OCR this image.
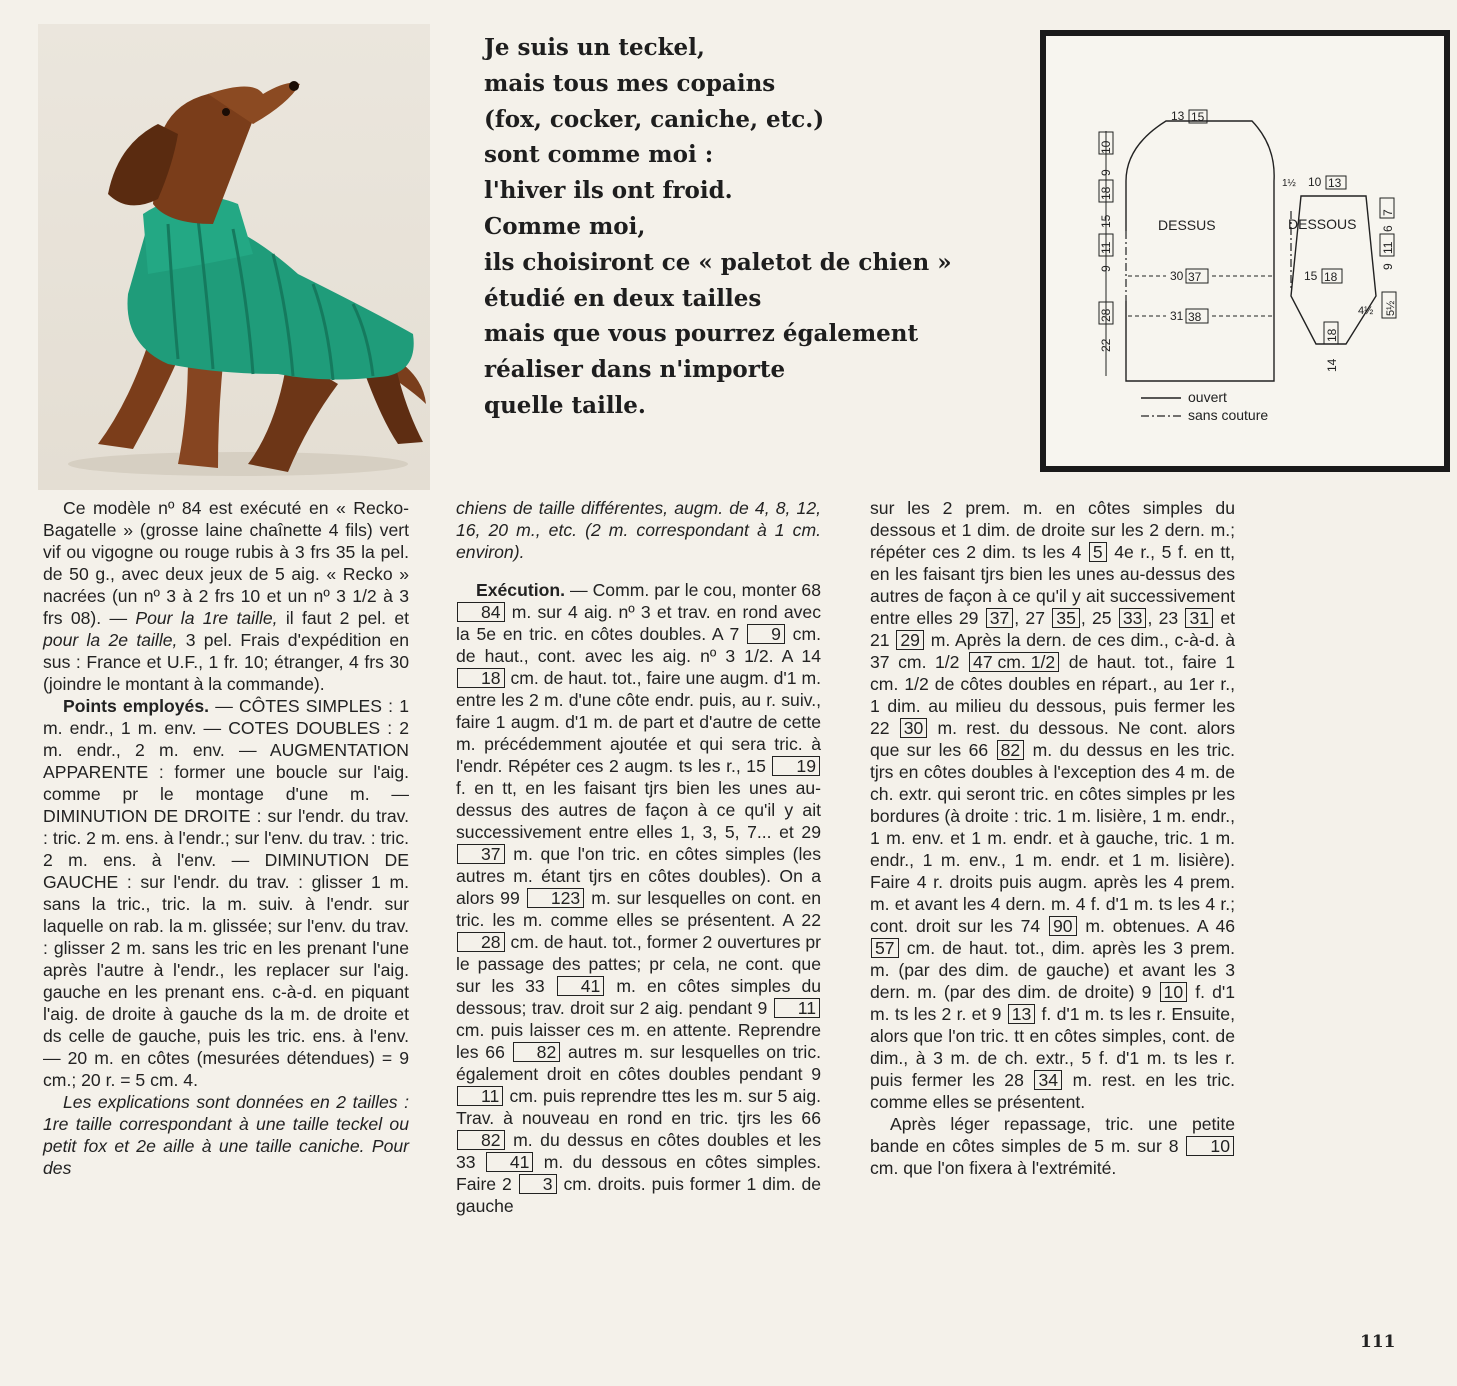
Je suis un teckel,
mais tous mes copains
(fox, cocker, caniche, etc.)
sont comme moi :
l'hiver ils ont froid.
Comme moi,
ils choisiront ce « paletot de chien »
étudié en deux tailles
mais que vous pourrez également
réaliser dans n'importe
quelle taille.
DESSUS
13 15
30 37
31 38
10
9
18
15
11
9
28
22
DESSOUS
10 13
1½
15 18
18
14
7
6
11
9
4½ 5½
ouvert
sans couture

Ce modèle nº 84 est exécuté en « Recko-Bagatelle » (grosse laine chaînette 4 fils) vert vif ou vigogne ou rouge rubis à 3 frs 35 la pel. de 50 g., avec deux jeux de 5 aig. « Recko » nacrées (un nº 3 à 2 frs 10 et un nº 3 1/2 à 3 frs 08). — Pour la 1re taille, il faut 2 pel. et pour la 2e taille, 3 pel. Frais d'expédition en sus : France et U.F., 1 fr. 10; étranger, 4 frs 30 (joindre le montant à la commande).

Points employés. — CÔTES SIMPLES : 1 m. endr., 1 m. env. — COTES DOUBLES : 2 m. endr., 2 m. env. — AUGMENTATION APPARENTE : former une boucle sur l'aig. comme pr le montage d'une m. — DIMINUTION DE DROITE : sur l'endr. du trav. : tric. 2 m. ens. à l'endr.; sur l'env. du trav. : tric. 2 m. ens. à l'env. — DIMINUTION DE GAUCHE : sur l'endr. du trav. : glisser 1 m. sans la tric., tric. la m. suiv. à l'endr. sur laquelle on rab. la m. glissée; sur l'env. du trav. : glisser 2 m. sans les tric en les prenant l'une après l'autre à l'endr., les replacer sur l'aig. gauche en les prenant ens. c-à-d. en piquant l'aig. de droite à gauche ds la m. de droite et ds celle de gauche, puis les tric. ens. à l'env. — 20 m. en côtes (mesurées détendues) = 9 cm.; 20 r. = 5 cm. 4.

Les explications sont données en 2 tailles : 1re taille correspondant à une taille teckel ou petit fox et 2e aille à une taille caniche. Pour des

chiens de taille différentes, augm. de 4, 8, 12, 16, 20 m., etc. (2 m. correspondant à 1 cm. environ).

Exécution. — Comm. par le cou, monter 68 84 m. sur 4 aig. nº 3 et trav. en rond avec la 5e en tric. en côtes doubles. A 7 9 cm. de haut., cont. avec les aig. nº 3 1/2. A 14 18 cm. de haut. tot., faire une augm. d'1 m. entre les 2 m. d'une côte endr. puis, au r. suiv., faire 1 augm. d'1 m. de part et d'autre de cette m. précédemment ajoutée et qui sera tric. à l'endr. Répéter ces 2 augm. ts les r., 15 19 f. en tt, en les faisant tjrs bien les unes au-dessus des autres de façon à ce qu'il y ait successivement entre elles 1, 3, 5, 7... et 29 37 m. que l'on tric. en côtes simples (les autres m. étant tjrs en côtes doubles). On a alors 99 123 m. sur lesquelles on cont. en tric. les m. comme elles se présentent. A 22 28 cm. de haut. tot., former 2 ouvertures pr le passage des pattes; pr cela, ne cont. que sur les 33 41 m. en côtes simples du dessous; trav. droit sur 2 aig. pendant 9 11 cm. puis laisser ces m. en attente. Reprendre les 66 82 autres m. sur lesquelles on tric. également droit en côtes doubles pendant 9 11 cm. puis reprendre ttes les m. sur 5 aig. Trav. à nouveau en rond en tric. tjrs les 66 82 m. du dessus en côtes doubles et les 33 41 m. du dessous en côtes simples. Faire 2 3 cm. droits. puis former 1 dim. de gauche

sur les 2 prem. m. en côtes simples du dessous et 1 dim. de droite sur les 2 dern. m.; répéter ces 2 dim. ts les 4 5 4e r., 5 f. en tt, en les faisant tjrs bien les unes au-dessus des autres de façon à ce qu'il y ait successivement entre elles 29 37 , 27 35 , 25 33 , 23 31 et 21 29 m. Après la dern. de ces dim., c-à-d. à 37 cm. 1/2 47 cm. 1/2 de haut. tot., faire 1 cm. 1/2 de côtes doubles en répart., au 1er r., 1 dim. au milieu du dessous, puis fermer les 22 30 m. rest. du dessous. Ne cont. alors que sur les 66 82 m. du dessus en les tric. tjrs en côtes doubles à l'exception des 4 m. de ch. extr. qui seront tric. en côtes simples pr les bordures (à droite : tric. 1 m. lisière, 1 m. endr., 1 m. env. et 1 m. endr. et à gauche, tric. 1 m. endr., 1 m. env., 1 m. endr. et 1 m. lisière). Faire 4 r. droits puis augm. après les 4 prem. m. et avant les 4 dern. m. 4 f. d'1 m. ts les 4 r.; cont. droit sur les 74 90 m. obtenues. A 46 57 cm. de haut. tot., dim. après les 3 prem. m. (par des dim. de gauche) et avant les 3 dern. m. (par des dim. de droite) 9 10 f. d'1 m. ts les 2 r. et 9 13 f. d'1 m. ts les r. Ensuite, alors que l'on tric. tt en côtes simples, cont. de dim., à 3 m. de ch. extr., 5 f. d'1 m. ts les r. puis fermer les 28 34 m. rest. en les tric. comme elles se présentent.

Après léger repassage, tric. une petite bande en côtes simples de 5 m. sur 8 10 cm. que l'on fixera à l'extrémité.

111
